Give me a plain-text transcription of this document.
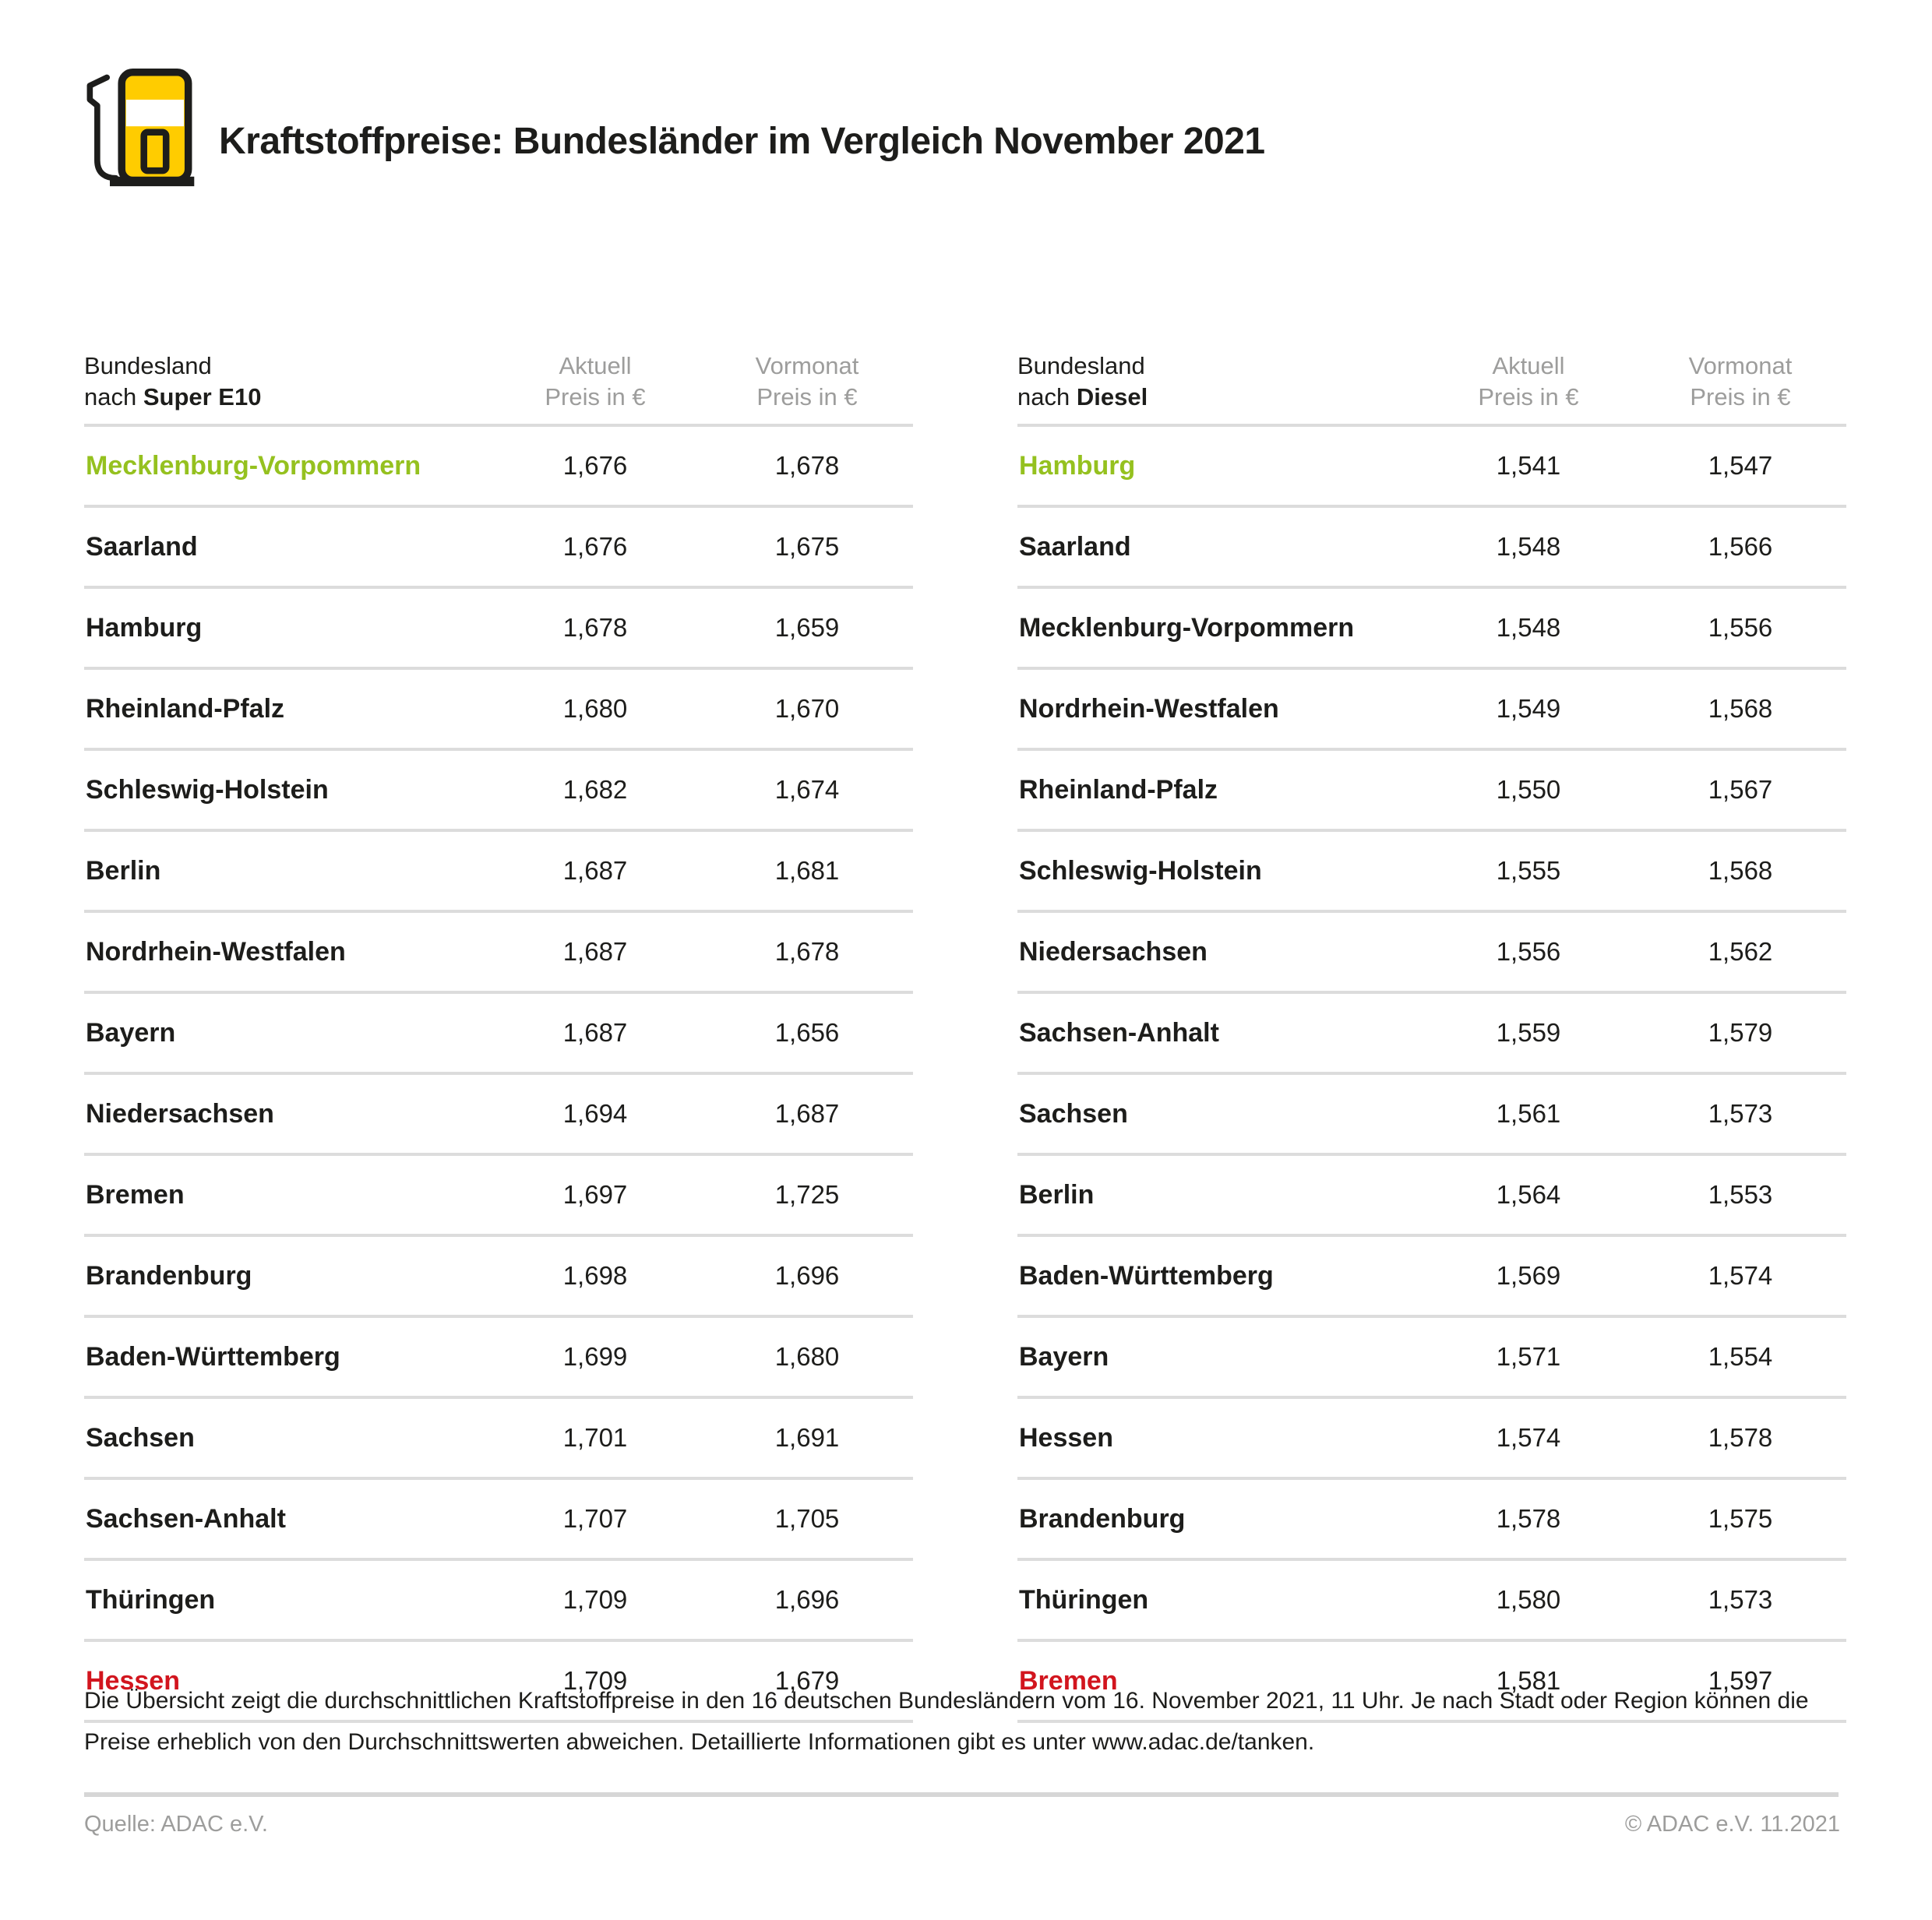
Kraftstoffpreise: Bundesländer im Vergleich November 2021
Bundesland
nach Super E10
Aktuell
Preis in €
Vormonat
Preis in €
Mecklenburg-Vorpommern	1,676	1,678
Saarland	1,676	1,675
Hamburg	1,678	1,659
Rheinland-Pfalz	1,680	1,670
Schleswig-Holstein	1,682	1,674
Berlin	1,687	1,681
Nordrhein-Westfalen	1,687	1,678
Bayern	1,687	1,656
Niedersachsen	1,694	1,687
Bremen	1,697	1,725
Brandenburg	1,698	1,696
Baden-Württemberg	1,699	1,680
Sachsen	1,701	1,691
Sachsen-Anhalt	1,707	1,705
Thüringen	1,709	1,696
Hessen	1,709	1,679
Bundesland
nach Diesel
Aktuell
Preis in €
Vormonat
Preis in €
Hamburg	1,541	1,547
Saarland	1,548	1,566
Mecklenburg-Vorpommern	1,548	1,556
Nordrhein-Westfalen	1,549	1,568
Rheinland-Pfalz	1,550	1,567
Schleswig-Holstein	1,555	1,568
Niedersachsen	1,556	1,562
Sachsen-Anhalt	1,559	1,579
Sachsen	1,561	1,573
Berlin	1,564	1,553
Baden-Württemberg	1,569	1,574
Bayern	1,571	1,554
Hessen	1,574	1,578
Brandenburg	1,578	1,575
Thüringen	1,580	1,573
Bremen	1,581	1,597
Die Übersicht zeigt die durchschnittlichen Kraftstoffpreise in den 16 deutschen Bundesländern vom 16. November 2021, 11 Uhr. Je nach Stadt oder Region können die
Preise erheblich von den Durchschnittswerten abweichen. Detaillierte Informationen gibt es unter www.adac.de/tanken.
Quelle: ADAC e.V.	© ADAC e.V. 11.2021
